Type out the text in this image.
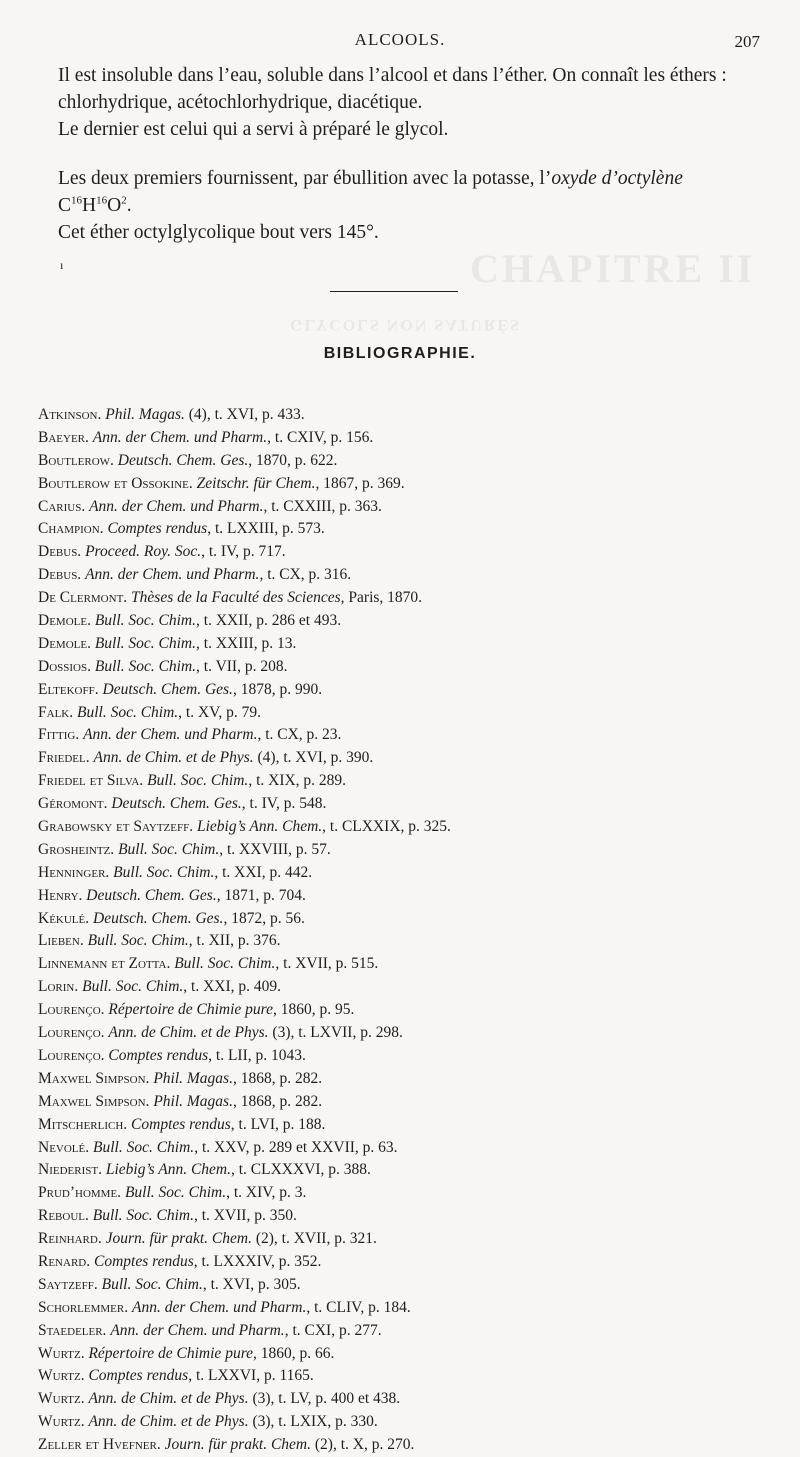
CHAPITRE II
GLYCOLS NON SATURÉS
ALCOOLS.	207

Il est insoluble dans l’eau, soluble dans l’alcool et dans l’éther. On connaît les éthers : chlorhydrique, acétochlorhydrique, diacétique.

Le dernier est celui qui a servi à préparé le glycol.

Les deux premiers fournissent, par ébullition avec la potasse, l’oxyde d’octylène

$C^{16}H^{16}O^2$.

Cet éther octylglycolique bout vers 145°.

ı
BIBLIOGRAPHIE.
Atkinson. Phil. Magas. (4), t. XVI, p. 433.
Baeyer. Ann. der Chem. und Pharm., t. CXIV, p. 156.
Boutlerow. Deutsch. Chem. Ges., 1870, p. 622.
Boutlerow et Ossokine. Zeitschr. für Chem., 1867, p. 369.
Carius. Ann. der Chem. und Pharm., t. CXXIII, p. 363.
Champion. Comptes rendus, t. LXXIII, p. 573.
Debus. Proceed. Roy. Soc., t. IV, p. 717.
Debus. Ann. der Chem. und Pharm., t. CX, p. 316.
De Clermont. Thèses de la Faculté des Sciences, Paris, 1870.
Demole. Bull. Soc. Chim., t. XXII, p. 286 et 493.
Demole. Bull. Soc. Chim., t. XXIII, p. 13.
Dossios. Bull. Soc. Chim., t. VII, p. 208.
Eltekoff. Deutsch. Chem. Ges., 1878, p. 990.
Falk. Bull. Soc. Chim., t. XV, p. 79.
Fittig. Ann. der Chem. und Pharm., t. CX, p. 23.
Friedel. Ann. de Chim. et de Phys. (4), t. XVI, p. 390.
Friedel et Silva. Bull. Soc. Chim., t. XIX, p. 289.
Géromont. Deutsch. Chem. Ges., t. IV, p. 548.
Grabowsky et Saytzeff. Liebig’s Ann. Chem., t. CLXXIX, p. 325.
Grosheintz. Bull. Soc. Chim., t. XXVIII, p. 57.
Henninger. Bull. Soc. Chim., t. XXI, p. 442.
Henry. Deutsch. Chem. Ges., 1871, p. 704.
Kékulé. Deutsch. Chem. Ges., 1872, p. 56.
Lieben. Bull. Soc. Chim., t. XII, p. 376.
Linnemann et Zotta. Bull. Soc. Chim., t. XVII, p. 515.
Lorin. Bull. Soc. Chim., t. XXI, p. 409.
Lourenço. Répertoire de Chimie pure, 1860, p. 95.
Lourenço. Ann. de Chim. et de Phys. (3), t. LXVII, p. 298.
Lourenço. Comptes rendus, t. LII, p. 1043.
Maxwel Simpson. Phil. Magas., 1868, p. 282.
Maxwel Simpson. Phil. Magas., 1868, p. 282.
Mitscherlich. Comptes rendus, t. LVI, p. 188.
Nevolé. Bull. Soc. Chim., t. XXV, p. 289 et XXVII, p. 63.
Niederist. Liebig’s Ann. Chem., t. CLXXXVI, p. 388.
Prud’homme. Bull. Soc. Chim., t. XIV, p. 3.
Reboul. Bull. Soc. Chim., t. XVII, p. 350.
Reinhard. Journ. für prakt. Chem. (2), t. XVII, p. 321.
Renard. Comptes rendus, t. LXXXIV, p. 352.
Saytzeff. Bull. Soc. Chim., t. XVI, p. 305.
Schorlemmer. Ann. der Chem. und Pharm., t. CLIV, p. 184.
Staedeler. Ann. der Chem. und Pharm., t. CXI, p. 277.
Wurtz. Répertoire de Chimie pure, 1860, p. 66.
Wurtz. Comptes rendus, t. LXXVI, p. 1165.
Wurtz. Ann. de Chim. et de Phys. (3), t. LV, p. 400 et 438.
Wurtz. Ann. de Chim. et de Phys. (3), t. LXIX, p. 330.
Zeller et Hvefner. Journ. für prakt. Chem. (2), t. X, p. 270.
